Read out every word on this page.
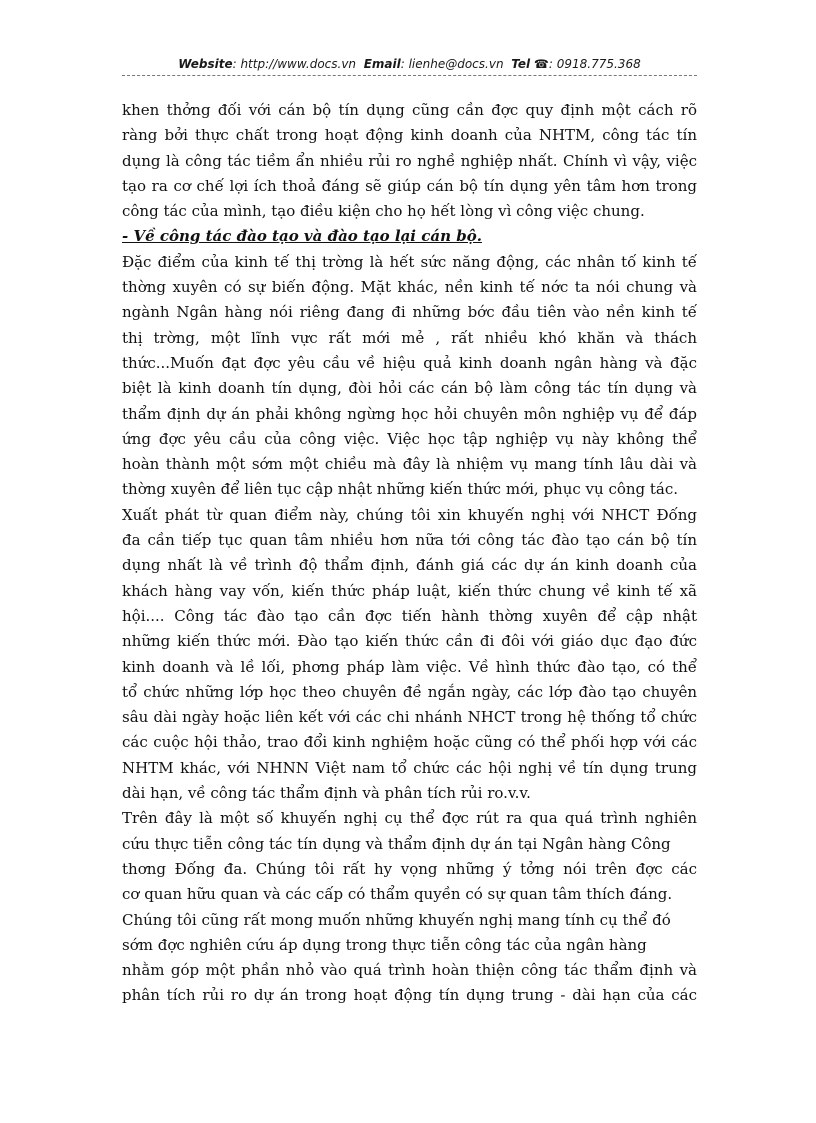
Website: http://www.docs.vn Email: lienhe@docs.vn Tel ☎: 0918.775.368
khen thởng đối với cán bộ tín dụng cũng cần đợc quy định một cách rõ
ràng bởi thực chất trong hoạt động kinh doanh của NHTM, công tác tín
dụng là công tác tiềm ẩn nhiều rủi ro nghề nghiệp nhất. Chính vì vậy, việc
tạo ra cơ chế lợi ích thoả đáng sẽ giúp cán bộ tín dụng yên tâm hơn trong
công tác của mình, tạo điều kiện cho họ hết lòng vì công việc chung.
- Về công tác đào tạo và đào tạo lại cán bộ.
Đặc điểm của kinh tế thị trờng là hết sức năng động, các nhân tố kinh tế
thờng xuyên có sự biến động. Mặt khác, nền kinh tế nớc ta nói chung và
ngành Ngân hàng nói riêng đang đi những bớc đầu tiên vào nền kinh tế
thị trờng, một lĩnh vực rất mới mẻ , rất nhiều khó khăn và thách
thức...Muốn đạt đợc yêu cầu về hiệu quả kinh doanh ngân hàng và đặc
biệt là kinh doanh tín dụng, đòi hỏi các cán bộ làm công tác tín dụng và
thẩm định dự án phải không ngừng học hỏi chuyên môn nghiệp vụ để đáp
ứng đợc yêu cầu của công việc. Việc học tập nghiệp vụ này không thể
hoàn thành một sớm một chiều mà đây là nhiệm vụ mang tính lâu dài và
thờng xuyên để liên tục cập nhật những kiến thức mới, phục vụ công tác.
Xuất phát từ quan điểm này, chúng tôi xin khuyến nghị với NHCT Đống
đa cần tiếp tục quan tâm nhiều hơn nữa tới công tác đào tạo cán bộ tín
dụng nhất là về trình độ thẩm định, đánh giá các dự án kinh doanh của
khách hàng vay vốn, kiến thức pháp luật, kiến thức chung về kinh tế xã
hội.... Công tác đào tạo cần đợc tiến hành thờng xuyên để cập nhật
những kiến thức mới. Đào tạo kiến thức cần đi đôi với giáo dục đạo đức
kinh doanh và lề lối, phơng pháp làm việc. Về hình thức đào tạo, có thể
tổ chức những lớp học theo chuyên đề ngắn ngày, các lớp đào tạo chuyên
sâu dài ngày hoặc liên kết với các chi nhánh NHCT trong hệ thống tổ chức
các cuộc hội thảo, trao đổi kinh nghiệm hoặc cũng có thể phối hợp với các
NHTM khác, với NHNN Việt nam tổ chức các hội nghị về tín dụng trung
dài hạn, về công tác thẩm định và phân tích rủi ro.v.v.
Trên đây là một số khuyến nghị cụ thể đợc rút ra qua quá trình nghiên
cứu thực tiễn công tác tín dụng và thẩm định dự án tại Ngân hàng Công
thơng Đống đa. Chúng tôi rất hy vọng những ý tởng nói trên đợc các
cơ quan hữu quan và các cấp có thẩm quyền có sự quan tâm thích đáng.
Chúng tôi cũng rất mong muốn những khuyến nghị mang tính cụ thể đó
sớm đợc nghiên cứu áp dụng trong thực tiễn công tác của ngân hàng
nhằm góp một phần nhỏ vào quá trình hoàn thiện công tác thẩm định và
phân tích rủi ro dự án trong hoạt động tín dụng trung - dài hạn của các
